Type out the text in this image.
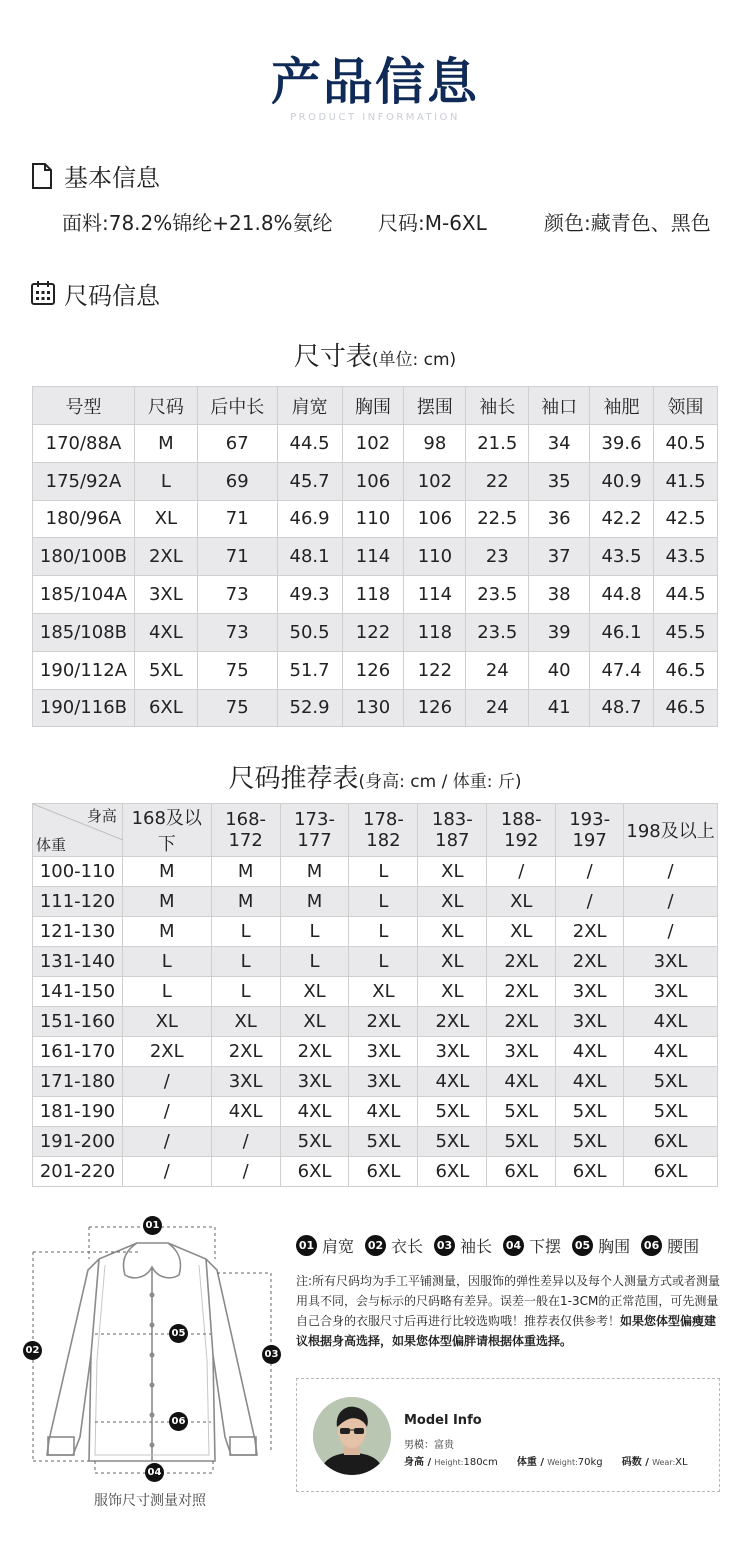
产品信息
PRODUCT INFORMATION
基本信息
面料:78.2%锦纶+21.8%氨纶 尺码:M-6XL	颜色:藏青色、黑色
尺码信息
尺寸表(单位: cm)
号型	尺码	后中长	肩宽	胸围	摆围	袖长	袖口	袖肥	领围
170/88A	M	67	44.5	102	98	21.5	34	39.6	40.5
175/92A	L	69	45.7	106	102	22	35	40.9	41.5
180/96A	XL	71	46.9	110	106	22.5	36	42.2	42.5
180/100B	2XL	71	48.1	114	110	23	37	43.5	43.5
185/104A	3XL	73	49.3	118	114	23.5	38	44.8	44.5
185/108B	4XL	73	50.5	122	118	23.5	39	46.1	45.5
190/112A	5XL	75	51.7	126	122	24	40	47.4	46.5
190/116B	6XL	75	52.9	130	126	24	41	48.7	46.5
尺码推荐表(身高: cm / 体重: 斤)
身高
体重	168及以下	168-172	173-177	178-182	183-187	188-192	193-197	198及以上
100-110	M	M	M	L	XL	/	/	/
111-120	M	M	M	L	XL	XL	/	/
121-130	M	L	L	L	XL	XL	2XL	/
131-140	L	L	L	L	XL	2XL	2XL	3XL
141-150	L	L	XL	XL	XL	2XL	3XL	3XL
151-160	XL	XL	XL	2XL	2XL	2XL	3XL	4XL
161-170	2XL	2XL	2XL	3XL	3XL	3XL	4XL	4XL
171-180	/	3XL	3XL	3XL	4XL	4XL	4XL	5XL
181-190	/	4XL	4XL	4XL	5XL	5XL	5XL	5XL
191-200	/	/	5XL	5XL	5XL	5XL	5XL	6XL
201-220	/	/	6XL	6XL	6XL	6XL	6XL	6XL
01
02	03
04
05
06
服饰尺寸测量对照
01 肩宽 02 衣长 03 袖长 04 下摆 05 胸围 06 腰围
注:所有尺码均为手工平铺测量，因服饰的弹性差异以及每个人测量方式或者测量用具不同，会与标示的尺码略有差异。误差一般在1-3CM的正常范围，可先测量自己合身的衣服尺寸后再进行比较选购哦！推荐表仅供参考！如果您体型偏瘦建议根据身高选择，如果您体型偏胖请根据体重选择。
Model Info
男模：富贵
身高 / Height:180cm 体重 / Weight:70kg 码数 / Wear:XL
